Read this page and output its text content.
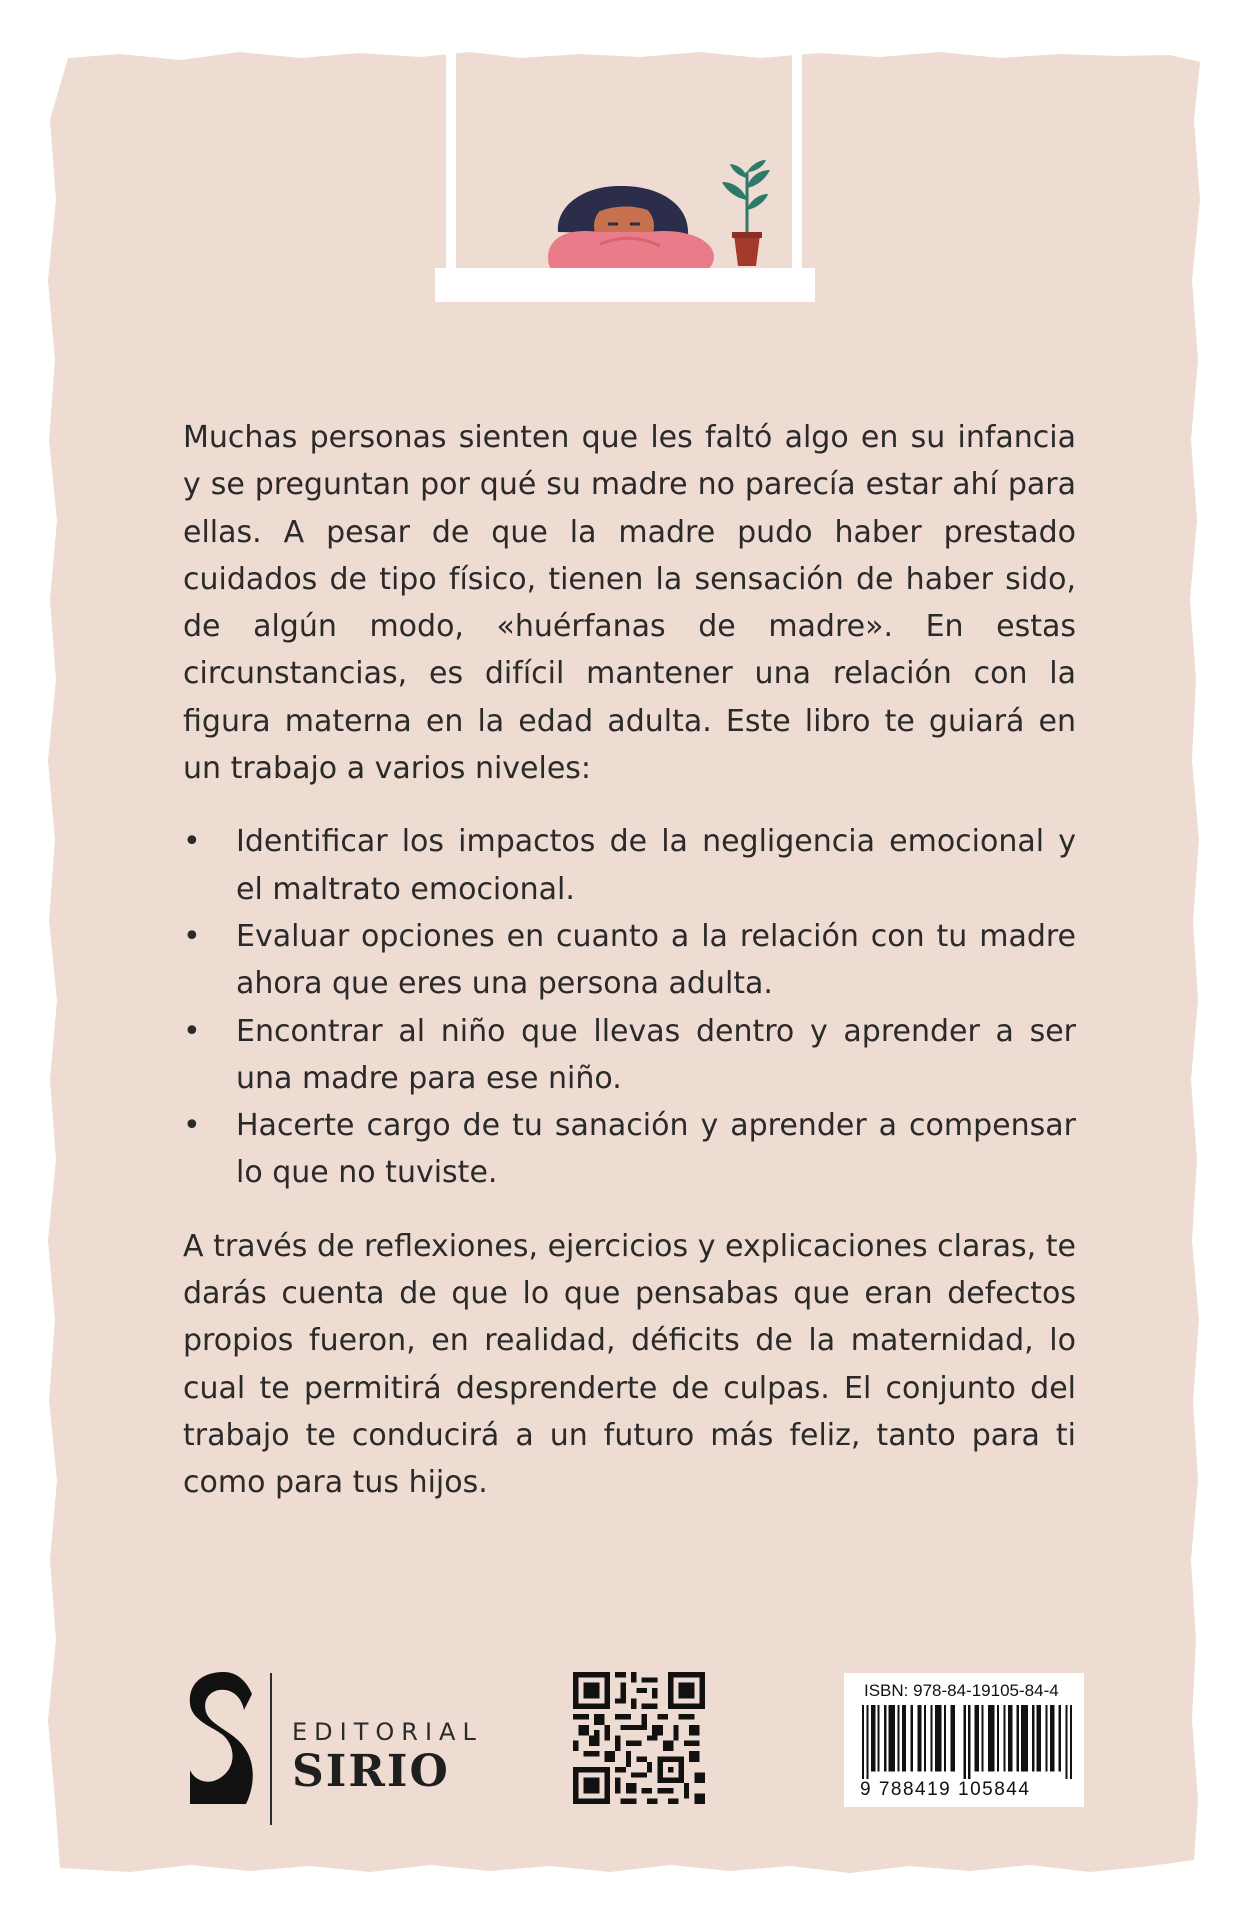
Muchas personas sienten que les faltó algo en su infancia y se preguntan por qué su madre no parecía estar ahí para ellas. A pesar de que la madre pudo haber prestado cuidados de tipo físico, tienen la sensación de haber sido, de algún modo, «huérfanas de madre». En estas circunstancias, es difícil mantener una relación con la figura materna en la edad adulta. Este libro te guiará en un trabajo a varios niveles:

• Identificar los impactos de la negligencia emocional y el maltrato emocional.
• Evaluar opciones en cuanto a la relación con tu madre ahora que eres una persona adulta.
• Encontrar al niño que llevas dentro y aprender a ser una madre para ese niño.
• Hacerte cargo de tu sanación y aprender a compensar lo que no tuviste.

A través de reflexiones, ejercicios y explicaciones claras, te darás cuenta de que lo que pensabas que eran defectos propios fueron, en realidad, déficits de la maternidad, lo cual te permitirá desprenderte de culpas. El conjunto del trabajo te conducirá a un futuro más feliz, tanto para ti como para tus hijos.

EDITORIAL
SIRIO
ISBN: 978-84-19105-84-4
9 788419 105844
